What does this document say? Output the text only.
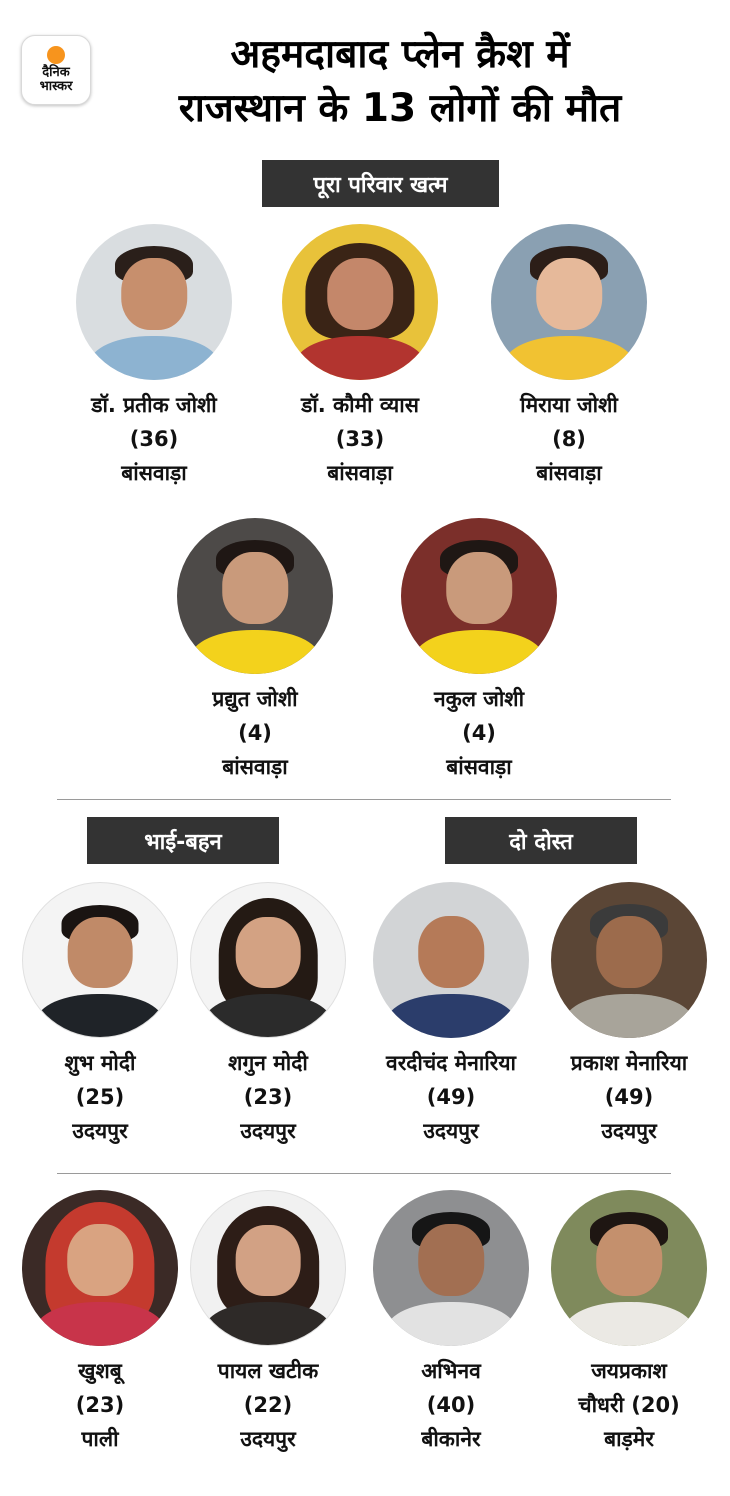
दैनिक
भास्कर
अहमदाबाद प्लेन क्रैश में
राजस्थान के 13 लोगों की मौत
पूरा परिवार खत्म
भाई-बहन	दो दोस्त
डॉ. प्रतीक जोशी
(36)
बांसवाड़ा
डॉ. कौमी व्यास
(33)
बांसवाड़ा
मिराया जोशी
(8)
बांसवाड़ा
प्रद्युत जोशी
(4)
बांसवाड़ा
नकुल जोशी
(4)
बांसवाड़ा
शुभ मोदी
(25)
उदयपुर
शगुन मोदी
(23)
उदयपुर
वरदीचंद मेनारिया
(49)
उदयपुर
प्रकाश मेनारिया
(49)
उदयपुर
खुशबू
(23)
पाली
पायल खटीक
(22)
उदयपुर
अभिनव
(40)
बीकानेर
जयप्रकाश
चौधरी (20)
बाड़मेर
